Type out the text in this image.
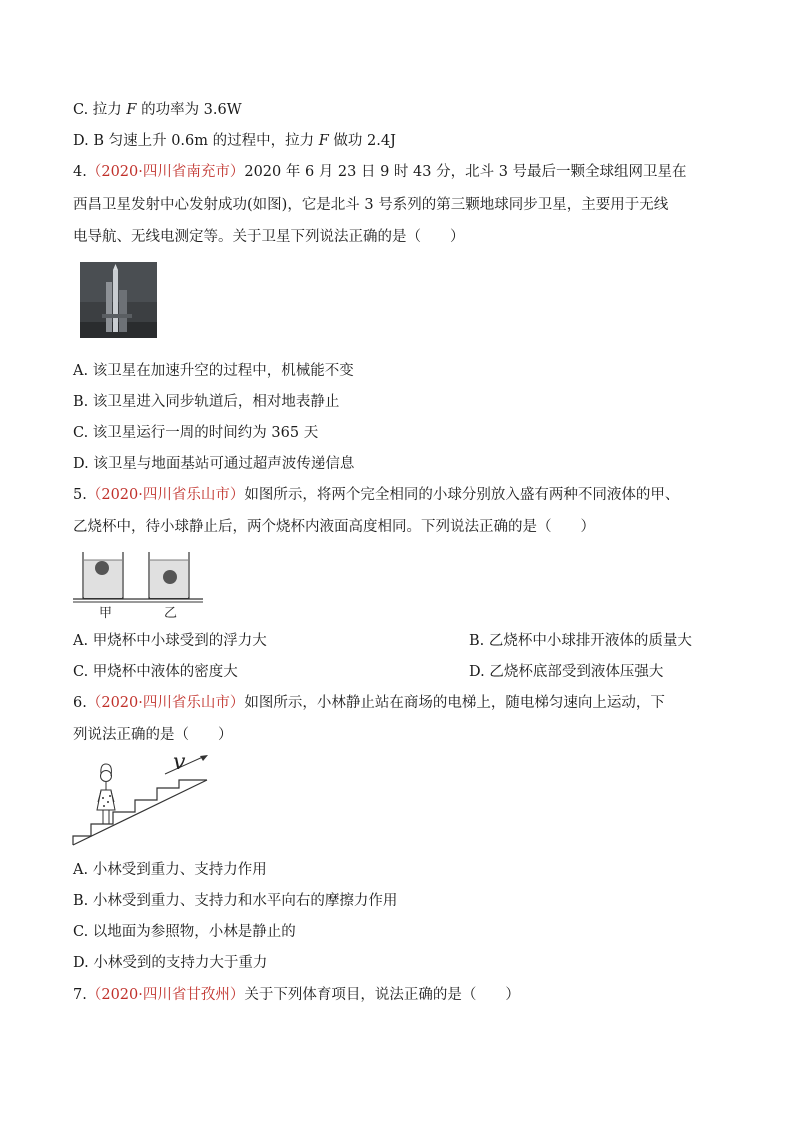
C. 拉力 F 的功率为 3.6W
D. B 匀速上升 0.6m 的过程中，拉力 F 做功 2.4J
4.（2020·四川省南充市）2020 年 6 月 23 日 9 时 43 分，北斗 3 号最后一颗全球组网卫星在
西昌卫星发射中心发射成功(如图)，它是北斗 3 号系列的第三颗地球同步卫星，主要用于无线
电导航、无线电测定等。关于卫星下列说法正确的是（　　）
A. 该卫星在加速升空的过程中，机械能不变
B. 该卫星进入同步轨道后，相对地表静止
C. 该卫星运行一周的时间约为 365 天
D. 该卫星与地面基站可通过超声波传递信息
5.（2020·四川省乐山市）如图所示，将两个完全相同的小球分别放入盛有两种不同液体的甲、
乙烧杯中，待小球静止后，两个烧杯内液面高度相同。下列说法正确的是（　　）
甲	乙
A. 甲烧杯中小球受到的浮力大	B. 乙烧杯中小球排开液体的质量大
C. 甲烧杯中液体的密度大	D. 乙烧杯底部受到液体压强大
6.（2020·四川省乐山市）如图所示，小林静止站在商场的电梯上，随电梯匀速向上运动，下
列说法正确的是（　　）
v
A. 小林受到重力、支持力作用
B. 小林受到重力、支持力和水平向右的摩擦力作用
C. 以地面为参照物，小林是静止的
D. 小林受到的支持力大于重力
7.（2020·四川省甘孜州）关于下列体育项目，说法正确的是（　　）
